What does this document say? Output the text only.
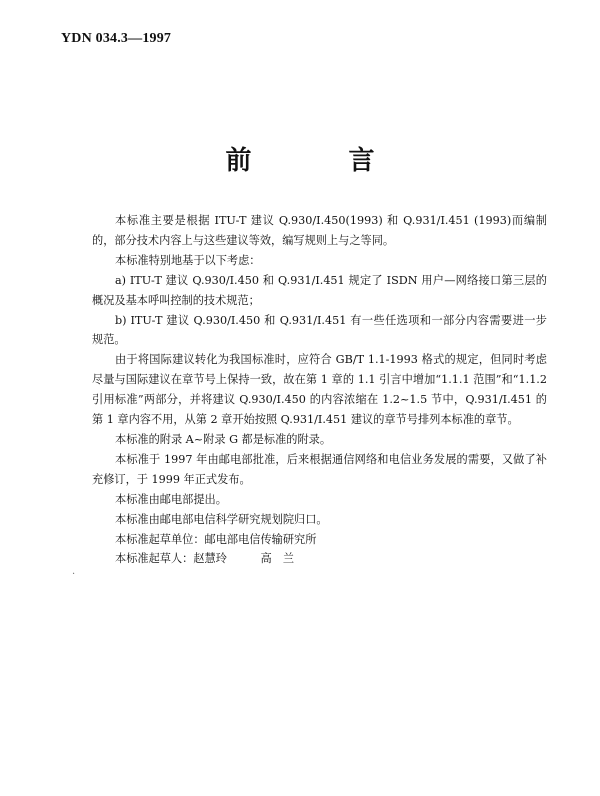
YDN 034.3—1997
前 言

本标准主要是根据 ITU-T 建议 Q.930/I.450(1993) 和 Q.931/I.451 (1993)而编制的，部分技术内容上与这些建议等效，编写规则上与之等同。

本标准特别地基于以下考虑：

a) ITU-T 建议 Q.930/I.450 和 Q.931/I.451 规定了 ISDN 用户—网络接口第三层的概况及基本呼叫控制的技术规范；

b) ITU-T 建议 Q.930/I.450 和 Q.931/I.451 有一些任选项和一部分内容需要进一步规范。

由于将国际建议转化为我国标准时，应符合 GB/T 1.1-1993 格式的规定，但同时考虑尽量与国际建议在章节号上保持一致，故在第 1 章的 1.1 引言中增加“1.1.1 范围”和“1.1.2 引用标准”两部分，并将建议 Q.930/I.450 的内容浓缩在 1.2~1.5 节中，Q.931/I.451 的第 1 章内容不用，从第 2 章开始按照 Q.931/I.451 建议的章节号排列本标准的章节。

本标准的附录 A~附录 G 都是标准的附录。

本标准于 1997 年由邮电部批准，后来根据通信网络和电信业务发展的需要，又做了补充修订，于 1999 年正式发布。

本标准由邮电部提出。

本标准由邮电部电信科学研究规划院归口。

本标准起草单位：邮电部电信传输研究所

本标准起草人：赵慧玲　　　高　兰

·
